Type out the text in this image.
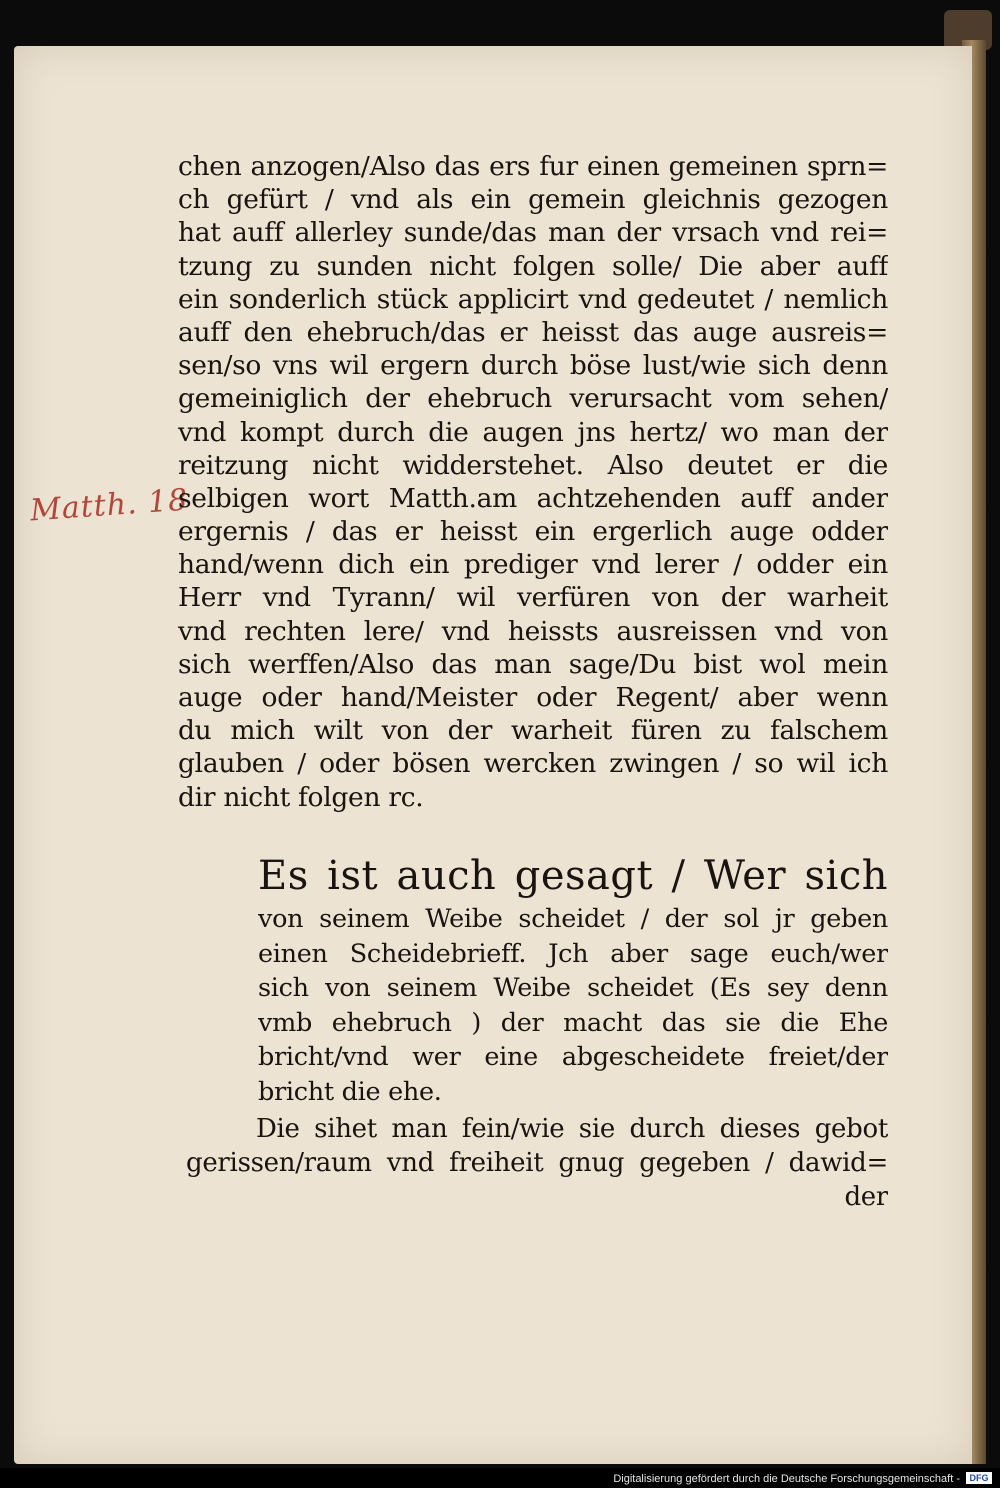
Matth. 18
chen anzogen/Also das ers fur einen gemeinen sprn=
ch gefürt / vnd als ein gemein gleichnis gezogen
hat auff allerley sunde/das man der vrsach vnd rei=
tzung zu sunden nicht folgen solle/ Die aber auff
ein sonderlich stück applicirt vnd gedeutet / nemlich
auff den ehebruch/das er heisst das auge ausreis=
sen/so vns wil ergern durch böse lust/wie sich denn
gemeiniglich der ehebruch verursacht vom sehen/
vnd kompt durch die augen jns hertz/ wo man der
reitzung nicht widderstehet. Also deutet er die
selbigen wort Matth.am achtzehenden auff ander
ergernis / das er heisst ein ergerlich auge odder
hand/wenn dich ein prediger vnd lerer / odder ein
Herr vnd Tyrann/ wil verfüren von der warheit
vnd rechten lere/ vnd heissts ausreissen vnd von
sich werffen/Also das man sage/Du bist wol mein
auge oder hand/Meister oder Regent/ aber wenn
du mich wilt von der warheit füren zu falschem
glauben / oder bösen wercken zwingen / so wil ich
dir nicht folgen rc.
Es ist auch gesagt / Wer sich
von seinem Weibe scheidet / der sol jr geben
einen Scheidebrieff. Jch aber sage euch/wer
sich von seinem Weibe scheidet (Es sey denn
vmb ehebruch ) der macht das sie die Ehe
bricht/vnd wer eine abgescheidete freiet/der
bricht die ehe.
Die sihet man fein/wie sie durch dieses gebot
gerissen/raum vnd freiheit gnug gegeben / dawid=
der
Digitalisierung gefördert durch die Deutsche Forschungsgemeinschaft -	DFG
